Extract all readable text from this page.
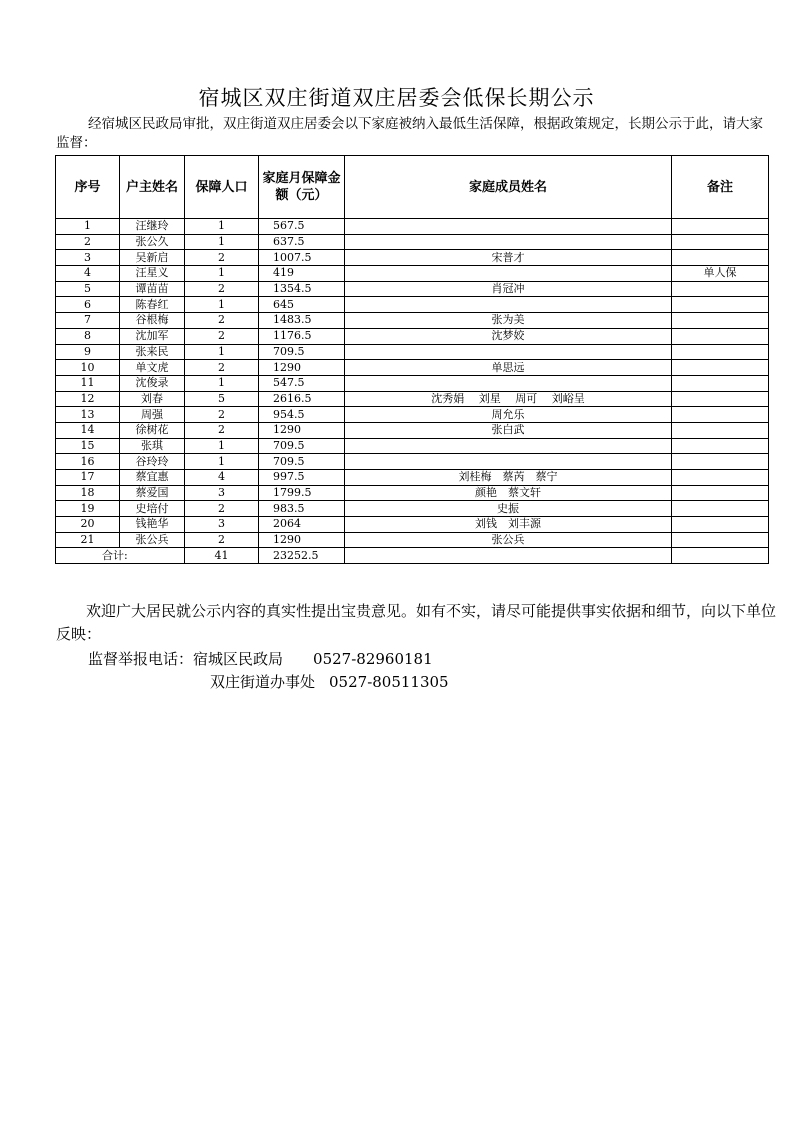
宿城区双庄街道双庄居委会低保长期公示
经宿城区民政局审批，双庄街道双庄居委会以下家庭被纳入最低生活保障，根据政策规定，长期公示于此，请大家监督：
序号	户主姓名	保障人口	家庭月保障金额（元）	家庭成员姓名	备注
1	汪继玲	1	567.5		
2	张公久	1	637.5		
3	吴新启	2	1007.5	宋普才	
4	汪星义	1	419		单人保
5	谭苗苗	2	1354.5	肖冠冲	
6	陈春红	1	645		
7	谷根梅	2	1483.5	张为美	
8	沈加军	2	1176.5	沈梦姣	
9	张来民	1	709.5		
10	单文虎	2	1290	单思远	
11	沈俊录	1	547.5		
12	刘春	5	2616.5	沈秀娟　 刘星　 周可　 刘峪呈	
13	周强	2	954.5	周允乐	
14	徐树花	2	1290	张白武	
15	张琪	1	709.5		
16	谷玲玲	1	709.5		
17	蔡宜惠	4	997.5	刘桂梅　蔡芮　蔡宁	
18	蔡爱国	3	1799.5	颜艳　蔡文轩	
19	史培付	2	983.5	史振	
20	钱艳华	3	2064	刘钱　刘丰源	
21	张公兵	2	1290	张公兵	
合计:		41	23252.5		

欢迎广大居民就公示内容的真实性提出宝贵意见。如有不实，请尽可能提供事实依据和细节，向以下单位反映：

监督举报电话：宿城区民政局 0527-82960181
双庄街道办事处 0527-80511305
